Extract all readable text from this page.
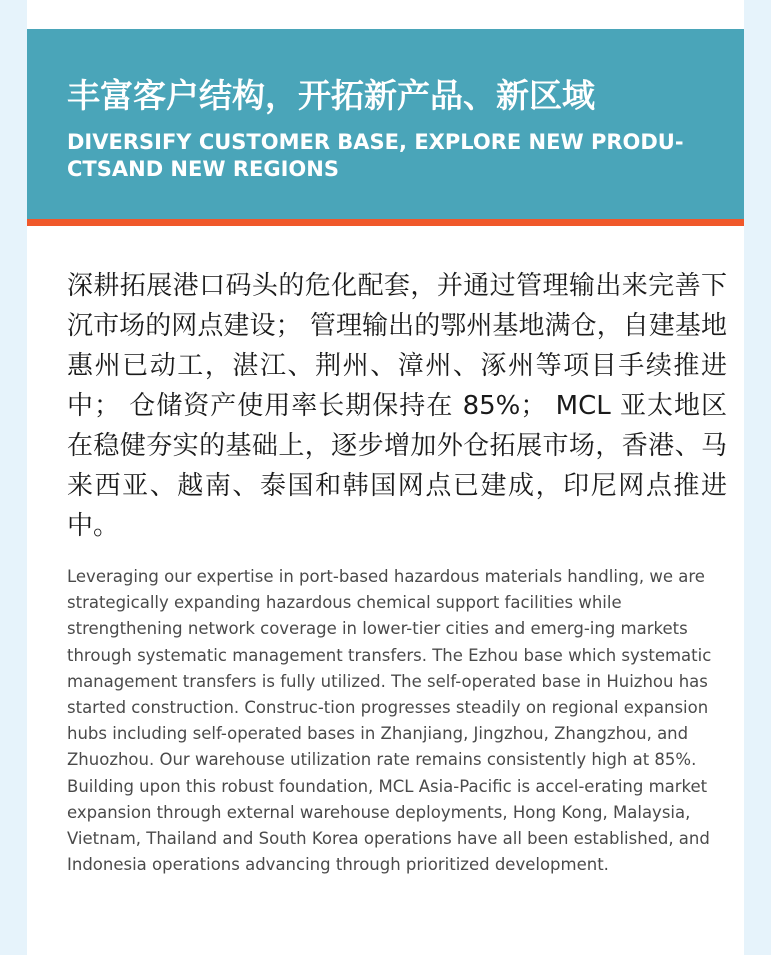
丰富客户结构，开拓新产品、新区域
DIVERSIFY CUSTOMER BASE, EXPLORE NEW PRODU-CTSAND NEW REGIONS

深耕拓展港口码头的危化配套，并通过管理输出来完善下沉市场的网点建设； 管理输出的鄂州基地满仓，自建基地惠州已动工，湛江、荆州、漳州、涿州等项目手续推进中； 仓储资产使用率长期保持在 85%； MCL 亚太地区在稳健夯实的基础上，逐步增加外仓拓展市场，香港、马来西亚、越南、泰国和韩国网点已建成，印尼网点推进中。

Leveraging our expertise in port-based hazardous materials handling, we are strategically expanding hazardous chemical support facilities while strengthening network coverage in lower-tier cities and emerg-ing markets through systematic management transfers. The Ezhou base which systematic management transfers is fully utilized. The self-operated base in Huizhou has started construction. Construc-tion progresses steadily on regional expansion hubs including self-operated bases in Zhanjiang, Jingzhou, Zhangzhou, and Zhuozhou. Our warehouse utilization rate remains consistently high at 85%. Building upon this robust foundation, MCL Asia-Pacific is accel-erating market expansion through external warehouse deployments, Hong Kong, Malaysia, Vietnam, Thailand and South Korea operations have all been established, and Indonesia operations advancing through prioritized development.
